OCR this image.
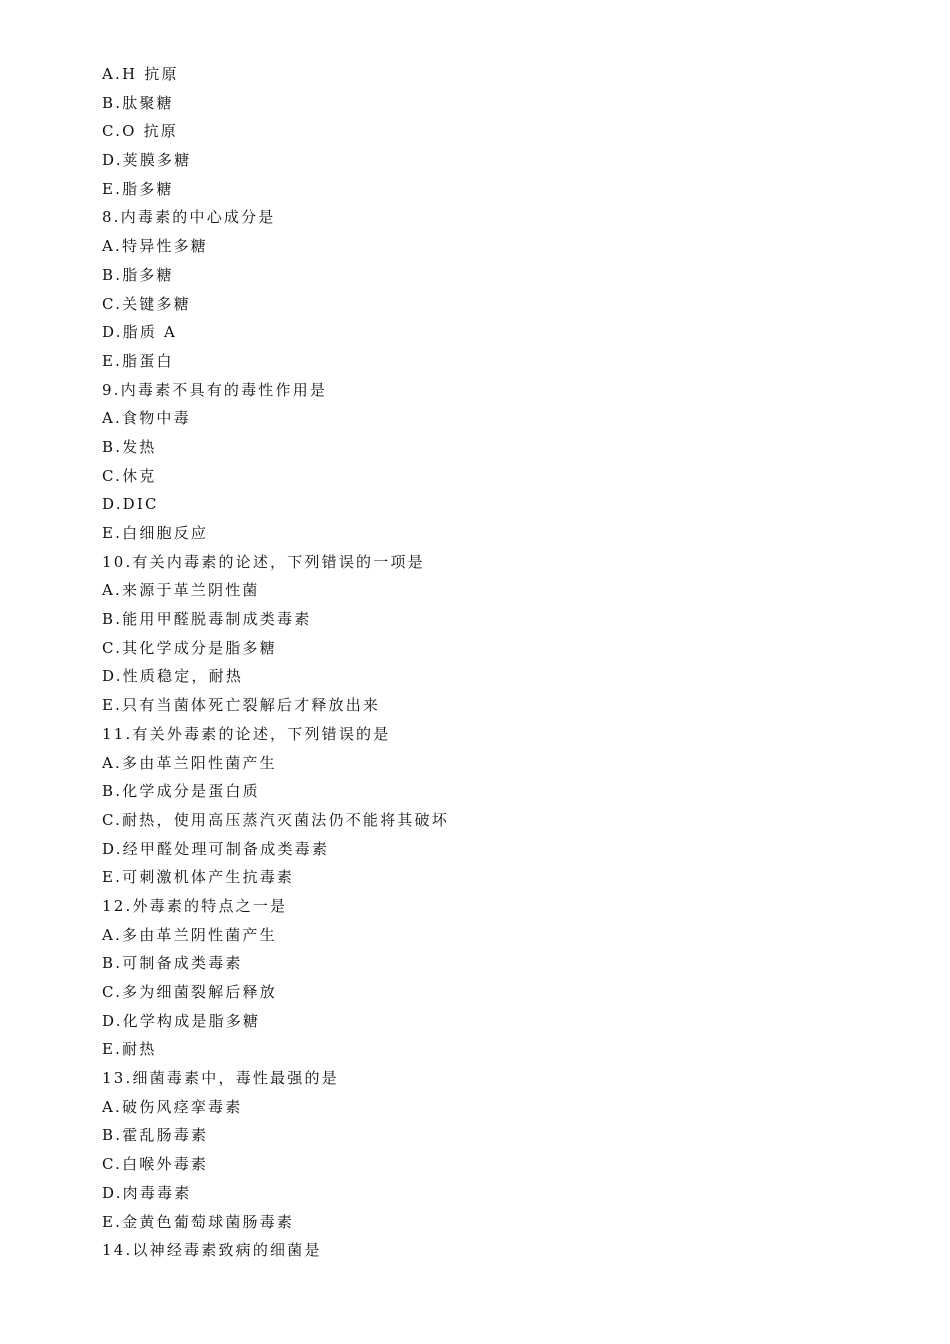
A.H 抗原
B.肽聚糖
C.O 抗原
D.荚膜多糖
E.脂多糖
8.内毒素的中心成分是
A.特异性多糖
B.脂多糖
C.关键多糖
D.脂质 A
E.脂蛋白
9.内毒素不具有的毒性作用是
A.食物中毒
B.发热
C.休克
D.DIC
E.白细胞反应
10.有关内毒素的论述，下列错误的一项是
A.来源于革兰阴性菌
B.能用甲醛脱毒制成类毒素
C.其化学成分是脂多糖
D.性质稳定，耐热
E.只有当菌体死亡裂解后才释放出来
11.有关外毒素的论述，下列错误的是
A.多由革兰阳性菌产生
B.化学成分是蛋白质
C.耐热，使用高压蒸汽灭菌法仍不能将其破坏
D.经甲醛处理可制备成类毒素
E.可刺激机体产生抗毒素
12.外毒素的特点之一是
A.多由革兰阴性菌产生
B.可制备成类毒素
C.多为细菌裂解后释放
D.化学构成是脂多糖
E.耐热
13.细菌毒素中，毒性最强的是
A.破伤风痉挛毒素
B.霍乱肠毒素
C.白喉外毒素
D.肉毒毒素
E.金黄色葡萄球菌肠毒素
14.以神经毒素致病的细菌是
